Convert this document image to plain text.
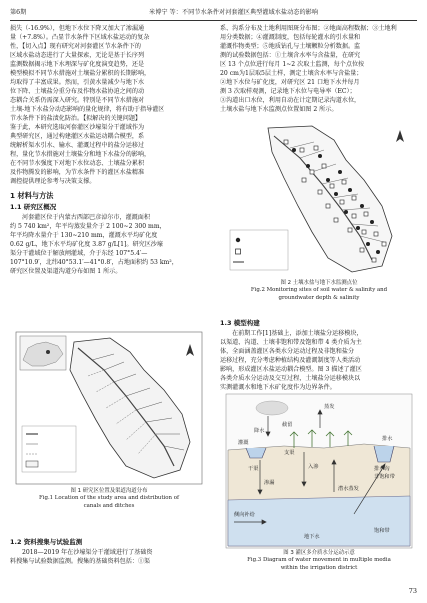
第6期	米博宁 等：不同节水条件对河套灌区典型灌域水盐动态的影响

损失（-16.9%），但地下水位下降又加大了渗漏通

量（+7.8%）。凸显节水条件下区域水盐运动的复杂

性，【切入点】现有研究对河套灌区节水条件下的

区域水盐动态进行了大量探索，无论是基于长序列

监测数据揭示地下水埋深与矿化度演变趋势，还是

模型模拟不同节水措施对土壤盐分累积的长期影响，

均取得了丰富成果。然而，引黄水量减少与地下水

位下降、土壤盐分重分布及作物水盐协迫之间的动

态耦合关系仍需深入研究。特别是不同节水措施对

土壤-地下水盐分动态影响的量化规律，将有助于指导灌区

节水条件下的盐渍化防治。【拟解决的关键问题】

鉴于此，本研究选取河套灌区沙壕渠分干灌域作为

典型研究区，通过构建灌区水盐运动耦合模型，系

统解析渠水引水、输水、灌溉过程中的盐分运移过

程，量化节水措施对土壤盐分和地下水盐分的影响，

在不同节水强度下对地下水位动态、土壤盐分累积

及作物腾发的影响，为节水条件下的灌区水盐精准

调控提供理论参考与决策支撑。

1 材料与方法
1.1 研究区概况

河套灌区位于内蒙古西部巴彦淖尔市，灌溉面积

约 5 740 km²，年平均蒸发量介于 2 100~2 300 mm，

年平均降水量介于 130~210 mm，灌溉水平均矿化度

0.62 g/L，地下水平均矿化度 3.87 g/L[1]。研究区沙壕

渠分干灌域位于解放闸灌域，介于东经 107°5.4′—

107°10.9′，北纬40°53.1′—41°0.8′，占地面积约 53 km²，

研究区位置及渠道沟道分布如图 1 所示。

图 1 研究区位置及渠道沟道分布
Fig.1 Location of the study area and distribution of
canals and ditches
1.2 资料搜集与试验监测

2018—2019 年在沙壕渠分干灌域进行了基础资

料搜集与试验数据监测。搜集的基础资料包括：①渠

系、沟系分布及土地利用图斑分布图；②地面高程数据；③土地利

用分类数据；④灌溉制度，包括每轮灌水的引水量和

灌溉作物类型；⑤地质钻孔与土壤颗粒分析数据。监

测的试验数据包括：①土壤含水率与含盐量，在研究

区 13 个点位进行每月 1~2 次取土监测，每个点位按

20 cm为1层取5层土样，测定土壤含水率与含盐量；

②地下水位与矿化度，对研究区 21 口地下水井每月

测 3 次取样观测，记录地下水位与电导率（EC）；

③沟道出口水位，利用自动在计定期记录沟道水位，

土壤水盐与地下水监测点位置如图 2 所示。

图 2 土壤水盐与地下水监测点位
Fig.2 Monitoring sites of soil water & salinity and
groundwater depth & salinity
1.3 模型构建

在前期工作[1]基础上，添加土壤盐分运移模块，

以渠道、沟道、土壤非饱和带及饱和带 4 类介质为主

体，全面涵盖灌区各类水分运动过程及非饱和盐分

运移过程，充分考虑种植结构及灌溉制度等人类活动

影响，形成灌区水盐运动耦合模型。图 3 描述了灌区

各类介质水分运动及交互过程，土壤盐分运移模块以

实测灌溉水和地下水矿化度作为边界条件。

降水
蒸发
截留
入渗
渗漏
灌溉
排水
潜水蒸发
侧向补给
地下水
饱和带
非饱和带
干渠
支渠
排水沟
图 3 灌区多介质水分运动示意
Fig.3 Diagram of water movement in multiple media
within the irrigation district
73
